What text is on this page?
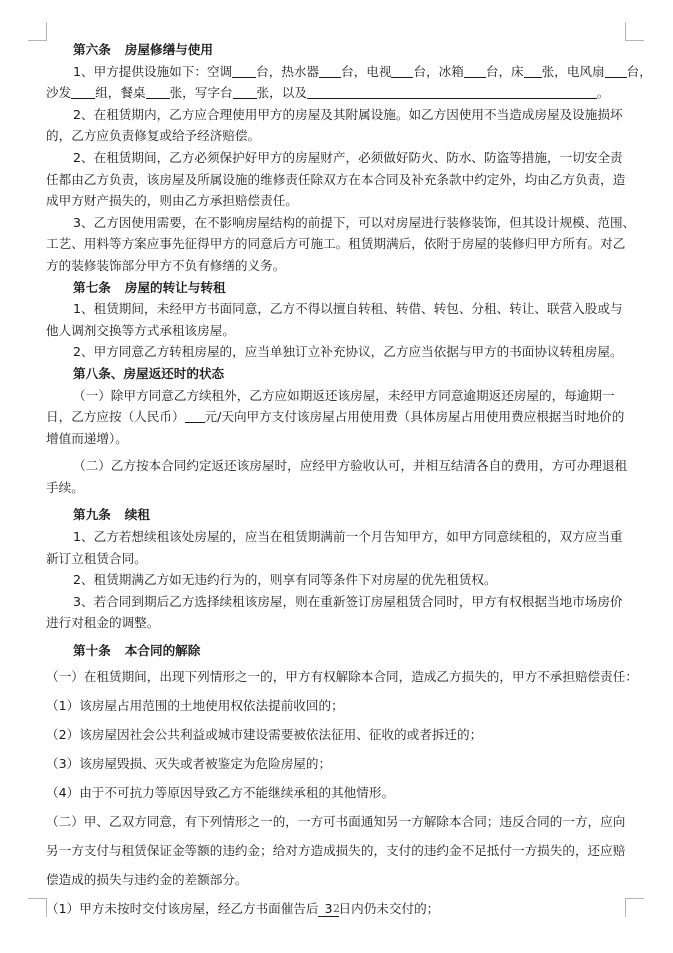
第六条 房屋修缮与使用
1、甲方提供设施如下：空调 台，热水器 台，电视 台，冰箱 台，床 张，电风扇 台，
沙发 组，餐桌 张，写字台 张，以及	。
2、在租赁期内，乙方应合理使用甲方的房屋及其附属设施。如乙方因使用不当造成房屋及设施损坏
的，乙方应负责修复或给予经济赔偿。
2、在租赁期间，乙方必须保护好甲方的房屋财产，必须做好防火、防水、防盗等措施，一切安全责
任都由乙方负责，该房屋及所属设施的维修责任除双方在本合同及补充条款中约定外，均由乙方负责，造
成甲方财产损失的，则由乙方承担赔偿责任。
3、乙方因使用需要，在不影响房屋结构的前提下，可以对房屋进行装修装饰，但其设计规模、范围、
工艺、用料等方案应事先征得甲方的同意后方可施工。租赁期满后，依附于房屋的装修归甲方所有。对乙
方的装修装饰部分甲方不负有修缮的义务。
第七条 房屋的转让与转租
1、租赁期间，未经甲方书面同意，乙方不得以擅自转租、转借、转包、分租、转让、联营入股或与
他人调剂交换等方式承租该房屋。
2、甲方同意乙方转租房屋的，应当单独订立补充协议，乙方应当依据与甲方的书面协议转租房屋。
第八条、房屋返还时的状态
（一）除甲方同意乙方续租外，乙方应如期返还该房屋，未经甲方同意逾期返还房屋的，每逾期一
日，乙方应按（人民币） 元/天向甲方支付该房屋占用使用费（具体房屋占用使用费应根据当时地价的
增值而递增）。
（二）乙方按本合同约定返还该房屋时，应经甲方验收认可，并相互结清各自的费用，方可办理退租
手续。
第九条 续租
1、乙方若想续租该处房屋的，应当在租赁期满前一个月告知甲方，如甲方同意续租的，双方应当重
新订立租赁合同。
2、租赁期满乙方如无违约行为的，则享有同等条件下对房屋的优先租赁权。
3、若合同到期后乙方选择续租该房屋，则在重新签订房屋租赁合同时，甲方有权根据当地市场房价
进行对租金的调整。
第十条 本合同的解除
（一）在租赁期间，出现下列情形之一的，甲方有权解除本合同，造成乙方损失的，甲方不承担赔偿责任：
（1）该房屋占用范围的土地使用权依法提前收回的；
（2）该房屋因社会公共利益或城市建设需要被依法征用、征收的或者拆迁的；
（3）该房屋毁损、灭失或者被鉴定为危险房屋的；
（4）由于不可抗力等原因导致乙方不能继续承租的其他情形。
（二）甲、乙双方同意，有下列情形之一的，一方可书面通知另一方解除本合同；违反合同的一方，应向
另一方支付与租赁保证金等额的违约金；给对方造成损失的，支付的违约金不足抵付一方损失的，还应赔
偿造成的损失与违约金的差额部分。
（1）甲方未按时交付该房屋，经乙方书面催告后 3 日内仍未交付的；
2
